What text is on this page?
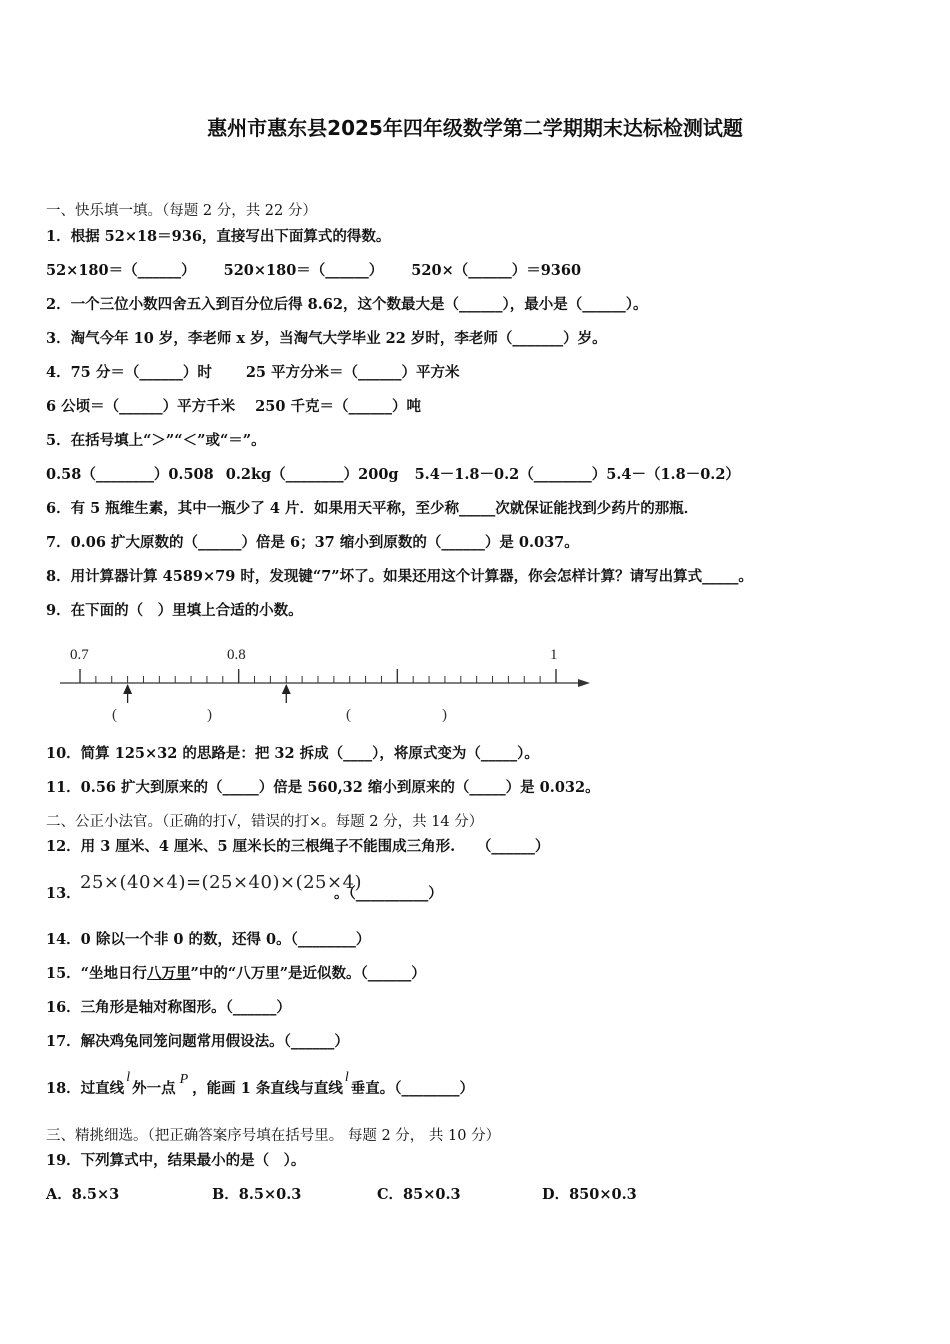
惠州市惠东县2025年四年级数学第二学期期末达标检测试题
一、快乐填一填。（每题 2 分，共 22 分）
1．根据 52×18＝936，直接写出下面算式的得数。
52×180＝（______） 520×180＝（______） 520×（______）＝9360
2．一个三位小数四舍五入到百分位后得 8.62，这个数最大是（______），最小是（______）。
3．淘气今年 10 岁，李老师 x 岁，当淘气大学毕业 22 岁时，李老师（_______）岁。
4．75 分＝（______）时 25 平方分米＝（______）平方米
6 公顷＝（______）平方千米 250 千克＝（______）吨
5．在括号填上“＞”“＜”或“＝”。
0.58（________）0.508 0.2kg（________）200g 5.4－1.8－0.2（________）5.4－（1.8－0.2）
6．有 5 瓶维生素，其中一瓶少了 4 片．如果用天平称，至少称_____次就保证能找到少药片的那瓶．
7．0.06 扩大原数的（______）倍是 6；37 缩小到原数的（______）是 0.037。
8．用计算器计算 4589×79 时，发现键“7”坏了。如果还用这个计算器，你会怎样计算？请写出算式_____。
9．在下面的（　）里填上合适的小数。
0.7	0.8	1
(	)	(	)
10．简算 125×32 的思路是：把 32 拆成（____），将原式变为（_____）。
11．0.56 扩大到原来的（_____）倍是 560,32 缩小到原来的（_____）是 0.032。
二、公正小法官。（正确的打√，错误的打×。每题 2 分，共 14 分）
12．用 3 厘米、4 厘米、5 厘米长的三根绳子不能围成三角形.　　（______）
13．
25×(40×4)=(25×40)×(25×4)
。（__________）
14．0 除以一个非 0 的数，还得 0。（________）
15．“坐地日行八万里”中的“八万里”是近似数。（______）
16．三角形是轴对称图形。（______）
17．解决鸡兔同笼问题常用假设法。（______）
18．过直线l外一点P，能画 1 条直线与直线l垂直。（________）
三、精挑细选。（把正确答案序号填在括号里。 每题 2 分， 共 10 分）
19．下列算式中，结果最小的是（　）。
A．8.5×3	B．8.5×0.3	C．85×0.3	D．850×0.3
